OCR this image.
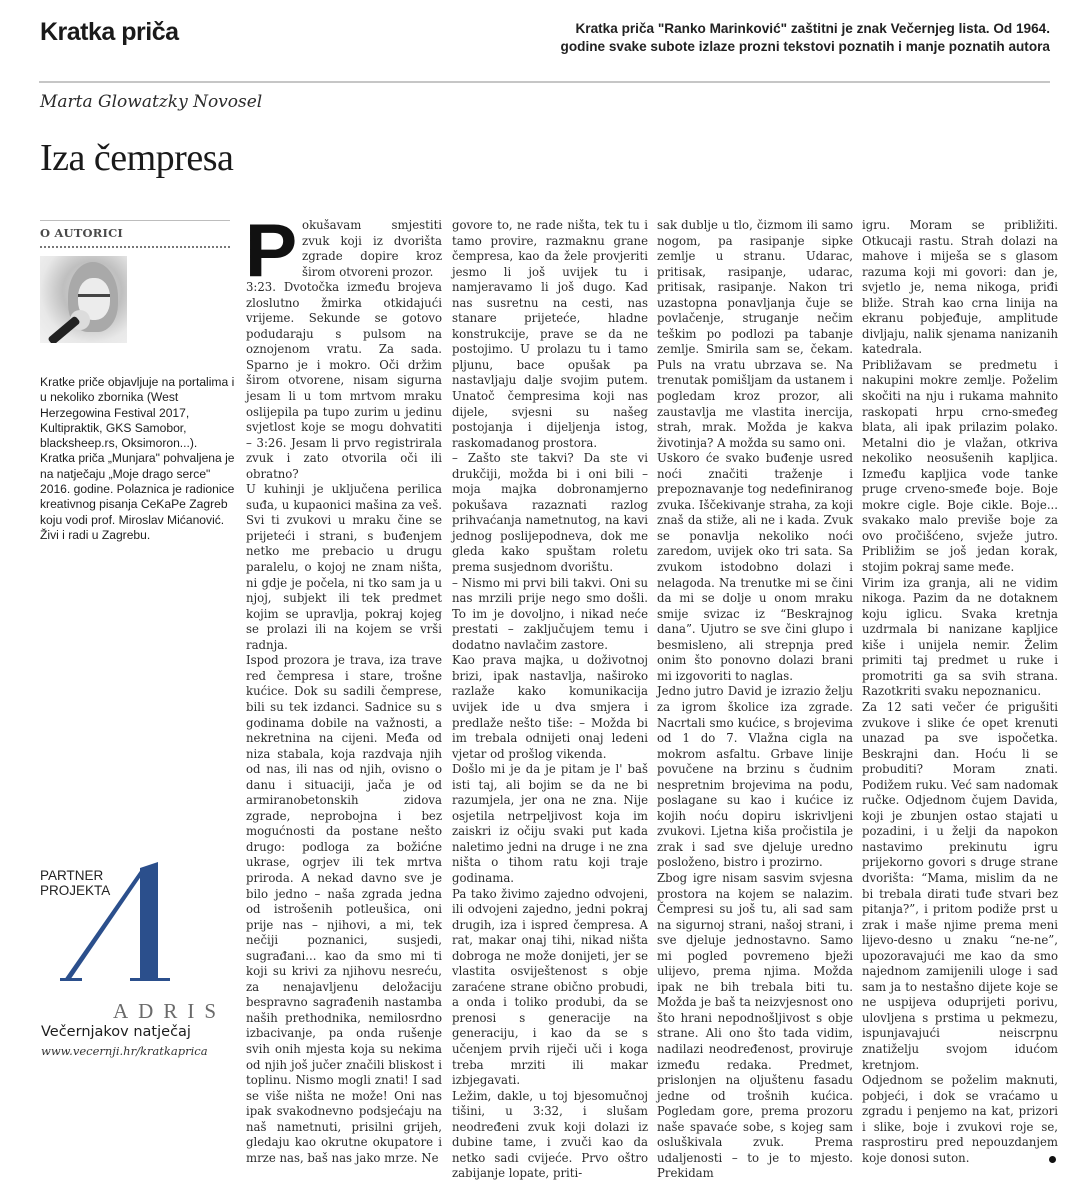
Kratka priča	Kratka priča "Ranko Marinković" zaštitni je znak Večernjeg lista. Od 1964.
godine svake subote izlaze prozni tekstovi poznatih i manje poznatih autora
Marta Glowatzky Novosel
Iza čempresa
O AUTORICI
Kratke priče objavljuje na portalima i u nekoliko zbornika (West Herzegowina Festival 2017, Kultipraktik, GKS Samobor, blacksheep.rs, Oksimoron...). Kratka priča „Munjara" pohvaljena je na natječaju „Moje drago serce" 2016. godine. Polaznica je radionice kreativnog pisanja CeKaPe Zagreb koju vodi prof. Miroslav Mićanović. Živi i radi u Zagrebu.
PARTNER
PROJEKTA
ADRIS
Večernjakov natječaj
www.vecernji.hr/kratkaprica
P okušavam smjestiti zvuk koji iz dvorišta zgrade dopire kroz širom otvoreni prozor.

3:23. Dvotočka između brojeva zloslutno žmirka otkidajući vrijeme. Sekunde se gotovo podudaraju s pulsom na oznojenom vratu. Za sada. Sparno je i mokro. Oči držim širom otvorene, nisam sigurna jesam li u tom mrtvom mraku oslijepila pa tupo zurim u jedinu svjetlost koje se mogu dohvatiti – 3:26. Jesam li prvo registrirala zvuk i zato otvorila oči ili obratno?

U kuhinji je uključena perilica suđa, u kupaonici mašina za veš. Svi ti zvukovi u mraku čine se prijeteći i strani, s buđenjem netko me prebacio u drugu paralelu, o kojoj ne znam ništa, ni gdje je počela, ni tko sam ja u njoj, subjekt ili tek predmet kojim se upravlja, pokraj kojeg se prolazi ili na kojem se vrši radnja.

Ispod prozora je trava, iza trave red čempresa i stare, trošne kućice. Dok su sadili čemprese, bili su tek izdanci. Sadnice su s godinama dobile na važnosti, a nekretnina na cijeni. Međa od niza stabala, koja razdvaja njih od nas, ili nas od njih, ovisno o danu i situaciji, jača je od armiranobetonskih zidova zgrade, neprobojna i bez mogućnosti da postane nešto drugo: podloga za božićne ukrase, ogrjev ili tek mrtva priroda. A nekad davno sve je bilo jedno – naša zgrada jedna od istrošenih potleušica, oni prije nas – njihovi, a mi, tek nečiji poznanici, susjedi, sugrađani... kao da smo mi ti koji su krivi za njihovu nesreću, za nenajavljenu deložaciju bespravno sagrađenih nastamba naših prethodnika, nemilosrdno izbacivanje, pa onda rušenje svih onih mjesta koja su nekima od njih još jučer značili bliskost i toplinu. Nismo mogli znati! I sad se više ništa ne može! Oni nas ipak svakodnevno podsjećaju na naš nametnuti, prisilni grijeh, gledaju kao okrutne okupatore i mrze nas, baš nas jako mrze. Ne

govore to, ne rade ništa, tek tu i tamo provire, razmaknu grane čempresa, kao da žele provjeriti jesmo li još uvijek tu i namjeravamo li još dugo. Kad nas susretnu na cesti, nas stanare prijeteće, hladne konstrukcije, prave se da ne postojimo. U prolazu tu i tamo pljunu, bace opušak pa nastavljaju dalje svojim putem. Unatoč čempresima koji nas dijele, svjesni su našeg postojanja i dijeljenja istog, raskomadanog prostora.

– Zašto ste takvi? Da ste vi drukčiji, možda bi i oni bili – moja majka dobronamjerno pokušava razaznati razlog prihvaćanja nametnutog, na kavi jednog poslijepodneva, dok me gleda kako spuštam roletu prema susjednom dvorištu.

– Nismo mi prvi bili takvi. Oni su nas mrzili prije nego smo došli. To im je dovoljno, i nikad neće prestati – zaključujem temu i dodatno navlačim zastore.

Kao prava majka, u doživotnoj brizi, ipak nastavlja, naširoko razlaže kako komunikacija uvijek ide u dva smjera i predlaže nešto tiše: – Možda bi im trebala odnijeti onaj ledeni vjetar od prošlog vikenda.

Došlo mi je da je pitam je l' baš isti taj, ali bojim se da ne bi razumjela, jer ona ne zna. Nije osjetila netrpeljivost koja im zaiskri iz očiju svaki put kada naletimo jedni na druge i ne zna ništa o tihom ratu koji traje godinama.

Pa tako živimo zajedno odvojeni, ili odvojeni zajedno, jedni pokraj drugih, iza i ispred čempresa. A rat, makar onaj tihi, nikad ništa dobroga ne može donijeti, jer se vlastita osviještenost s obje zaraćene strane obično probudi, a onda i toliko produbi, da se prenosi s generacije na generaciju, i kao da se s učenjem prvih riječi uči i koga treba mrziti ili makar izbjegavati.

Ležim, dakle, u toj bjesomučnoj tišini, u 3:32, i slušam neodređeni zvuk koji dolazi iz dubine tame, i zvuči kao da netko sadi cvijeće. Prvo oštro zabijanje lopate, priti-

sak dublje u tlo, čizmom ili samo nogom, pa rasipanje sipke zemlje u stranu. Udarac, pritisak, rasipanje, udarac, pritisak, rasipanje. Nakon tri uzastopna ponavljanja čuje se povlačenje, struganje nečim teškim po podlozi pa tabanje zemlje. Smirila sam se, čekam. Puls na vratu ubrzava se. Na trenutak pomišljam da ustanem i pogledam kroz prozor, ali zaustavlja me vlastita inercija, strah, mrak. Možda je kakva životinja? A možda su samo oni.

Uskoro će svako buđenje usred noći značiti traženje i prepoznavanje tog nedefiniranog zvuka. Iščekivanje straha, za koji znaš da stiže, ali ne i kada. Zvuk se ponavlja nekoliko noći zaredom, uvijek oko tri sata. Sa zvukom istodobno dolazi i nelagoda. Na trenutke mi se čini da mi se dolje u onom mraku smije svizac iz “Beskrajnog dana”. Ujutro se sve čini glupo i besmisleno, ali strepnja pred onim što ponovno dolazi brani mi izgovoriti to naglas.

Jedno jutro David je izrazio želju za igrom školice iza zgrade. Nacrtali smo kućice, s brojevima od 1 do 7. Vlažna cigla na mokrom asfaltu. Grbave linije povučene na brzinu s čudnim nespretnim brojevima na podu, poslagane su kao i kućice iz kojih noću dopiru iskrivljeni zvukovi. Ljetna kiša pročistila je zrak i sad sve djeluje uredno posloženo, bistro i prozirno.

Zbog igre nisam sasvim svjesna prostora na kojem se nalazim. Čempresi su još tu, ali sad sam na sigurnoj strani, našoj strani, i sve djeluje jednostavno. Samo mi pogled povremeno bježi ulijevo, prema njima. Možda ipak ne bih trebala biti tu. Možda je baš ta neizvjesnost ono što hrani nepodnošljivost s obje strane. Ali ono što tada vidim, nadilazi neodređenost, proviruje između redaka. Predmet, prislonjen na oljuštenu fasadu jedne od trošnih kućica. Pogledam gore, prema prozoru naše spavaće sobe, s kojeg sam osluškivala zvuk. Prema udaljenosti – to je to mjesto. Prekidam

igru. Moram se približiti. Otkucaji rastu. Strah dolazi na mahove i miješa se s glasom razuma koji mi govori: dan je, svjetlo je, nema nikoga, priđi bliže. Strah kao crna linija na ekranu pobjeđuje, amplitude divljaju, nalik sjenama nanizanih katedrala.

Približavam se predmetu i nakupini mokre zemlje. Poželim skočiti na nju i rukama mahnito raskopati hrpu crno-smeđeg blata, ali ipak prilazim polako. Metalni dio je vlažan, otkriva nekoliko neosušenih kapljica. Između kapljica vode tanke pruge crveno-smeđe boje. Boje mokre cigle. Boje cikle. Boje... svakako malo previše boje za ovo pročišćeno, svježe jutro. Približim se još jedan korak, stojim pokraj same međe.

Virim iza granja, ali ne vidim nikoga. Pazim da ne dotaknem koju iglicu. Svaka kretnja uzdrmala bi nanizane kapljice kiše i unijela nemir. Želim primiti taj predmet u ruke i promotriti ga sa svih strana. Razotkriti svaku nepoznanicu.

Za 12 sati večer će prigušiti zvukove i slike će opet krenuti unazad pa sve ispočetka. Beskrajni dan. Hoću li se probuditi? Moram znati. Podižem ruku. Već sam nadomak ručke. Odjednom čujem Davida, koji je zbunjen ostao stajati u pozadini, i u želji da napokon nastavimo prekinutu igru prijekorno govori s druge strane dvorišta: “Mama, mislim da ne bi trebala dirati tuđe stvari bez pitanja?”, i pritom podiže prst u zrak i maše njime prema meni lijevo-desno u znaku “ne-ne”, upozoravajući me kao da smo najednom zamijenili uloge i sad sam ja to nestašno dijete koje se ne uspijeva oduprijeti porivu, ulovljena s prstima u pekmezu, ispunjavajući neiscrpnu znatiželju svojom idućom kretnjom.

Odjednom se poželim maknuti, pobjeći, i dok se vraćamo u zgradu i penjemo na kat, prizori i slike, boje i zvukovi roje se, rasprostiru pred nepouzdanjem koje donosi suton.
